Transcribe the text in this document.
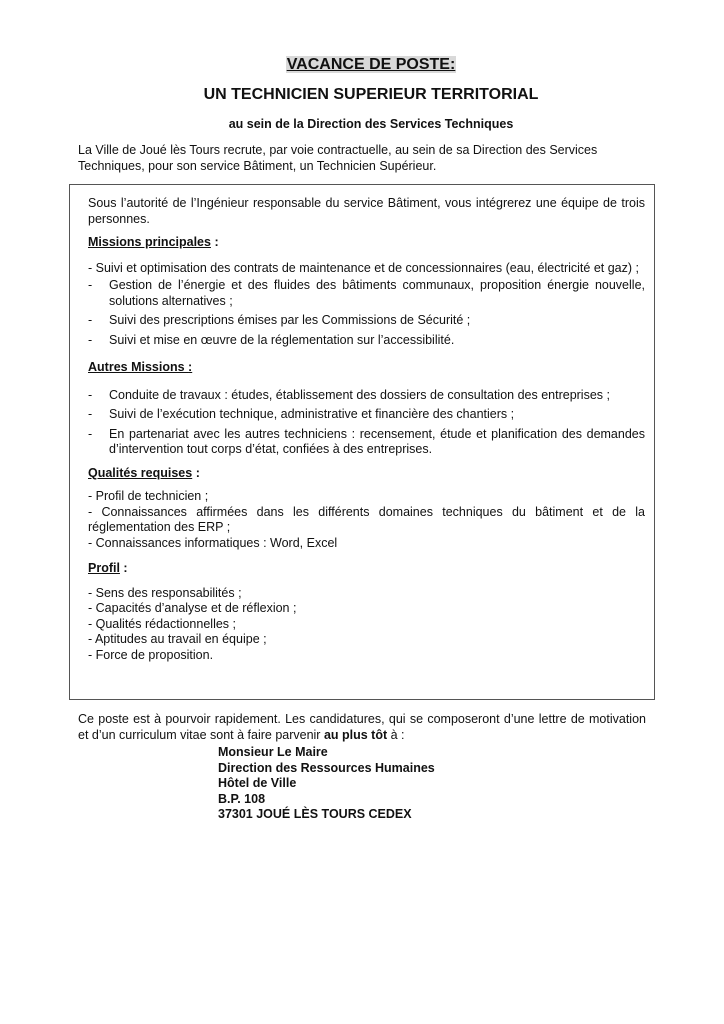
VACANCE DE POSTE:
UN TECHNICIEN SUPERIEUR TERRITORIAL
au sein de la Direction des Services Techniques
La Ville de Joué lès Tours recrute, par voie contractuelle, au sein de sa Direction des Services Techniques, pour son service Bâtiment, un Technicien Supérieur.

Sous l’autorité de l’Ingénieur responsable du service Bâtiment, vous intégrerez une équipe de trois personnes.

Missions principales :

- Suivi et optimisation des contrats de maintenance et de concessionnaires (eau, électricité et gaz) ;

- Gestion de l’énergie et des fluides des bâtiments communaux, proposition énergie nouvelle, solutions alternatives ;
- Suivi des prescriptions émises par les Commissions de Sécurité ;
- Suivi et mise en œuvre de la réglementation sur l’accessibilité.

Autres Missions :

- Conduite de travaux : études, établissement des dossiers de consultation des entreprises ;
- Suivi de l’exécution technique, administrative et financière des chantiers ;
- En partenariat avec les autres techniciens : recensement, étude et planification des demandes d’intervention tout corps d’état, confiées à des entreprises.

Qualités requises :

- Profil de technicien ;
- Connaissances affirmées dans les différents domaines techniques du bâtiment et de la réglementation des ERP ;
- Connaissances informatiques : Word, Excel

Profil :

- Sens des responsabilités ;
- Capacités d’analyse et de réflexion ;
- Qualités rédactionnelles ;
- Aptitudes au travail en équipe ;
- Force de proposition.
Ce poste est à pourvoir rapidement. Les candidatures, qui se composeront d’une lettre de motivation et d’un curriculum vitae sont à faire parvenir au plus tôt à :
Monsieur Le Maire
Direction des Ressources Humaines
Hôtel de Ville
B.P. 108
37301 JOUÉ LÈS TOURS CEDEX
